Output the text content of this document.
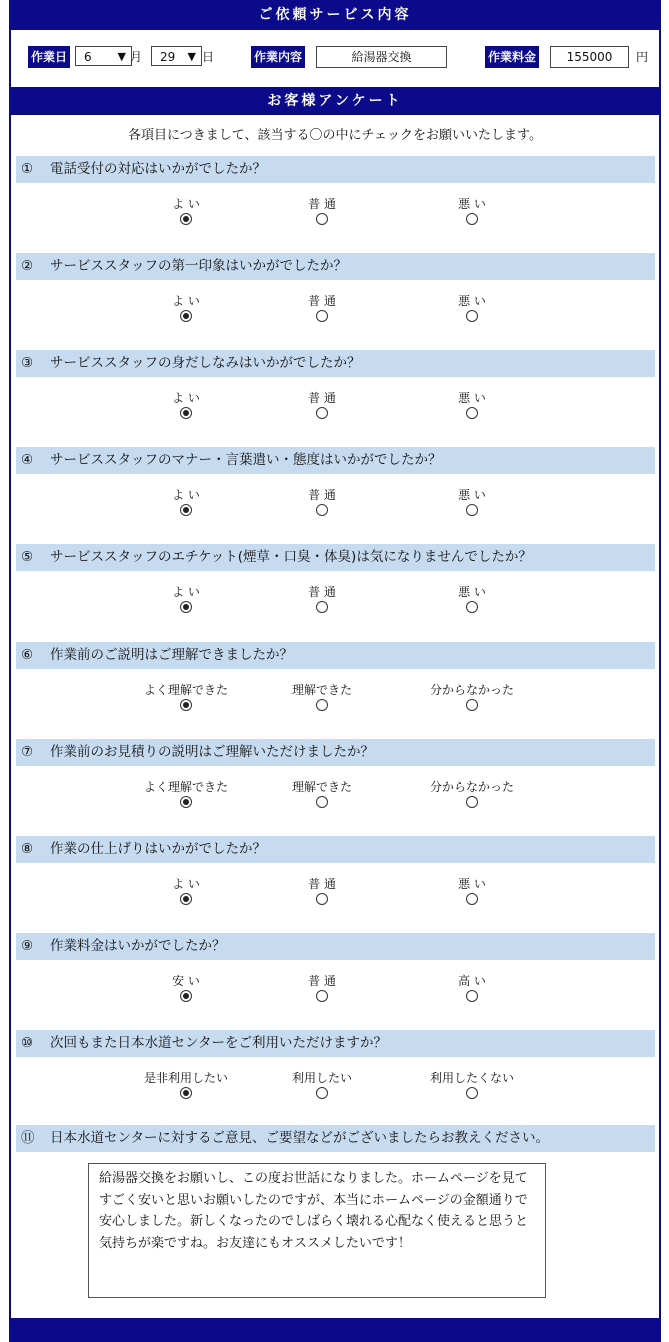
ご依頼サービス内容
作業日	6 ▼ 月	29 ▼ 日	作業内容	給湯器交換	作業料金	155000	円
お客様アンケート
各項目につきまして、該当する〇の中にチェックをお願いいたします。
① 電話受付の対応はいかがでしたか？
よ い	普 通	悪 い
② サービススタッフの第一印象はいかがでしたか？
よ い	普 通	悪 い
③ サービススタッフの身だしなみはいかがでしたか？
よ い	普 通	悪 い
④ サービススタッフのマナー・言葉遣い・態度はいかがでしたか？
よ い	普 通	悪 い
⑤ サービススタッフのエチケット(煙草・口臭・体臭)は気になりませんでしたか？
よ い	普 通	悪 い
⑥ 作業前のご説明はご理解できましたか？
よく理解できた	理解できた	分からなかった
⑦ 作業前のお見積りの説明はご理解いただけましたか？
よく理解できた	理解できた	分からなかった
⑧ 作業の仕上げりはいかがでしたか？
よ い	普 通	悪 い
⑨ 作業料金はいかがでしたか？
安 い	普 通	高 い
⑩ 次回もまた日本水道センターをご利用いただけますか？
是非利用したい	利用したい	利用したくない
⑪ 日本水道センターに対するご意見、ご要望などがございましたらお教えください。
給湯器交換をお願いし、この度お世話になりました。ホームページを見てすごく安いと思いお願いしたのですが、本当にホームページの金額通りで安心しました。新しくなったのでしばらく壊れる心配なく使えると思うと気持ちが楽ですね。お友達にもオススメしたいです！
